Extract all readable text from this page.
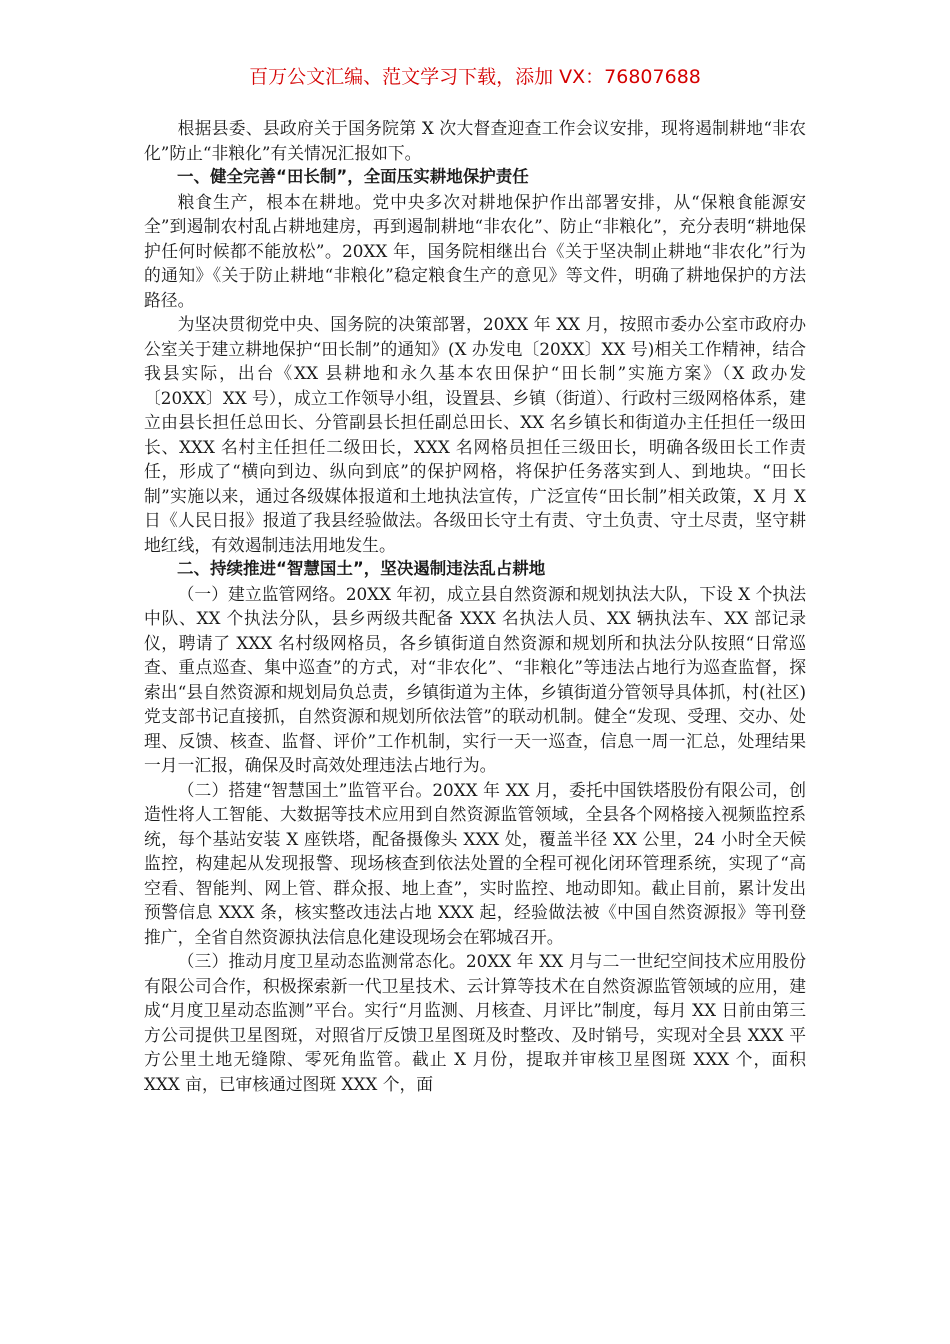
百万公文汇编、范文学习下载，添加 VX：76807688

根据县委、县政府关于国务院第 X 次大督查迎查工作会议安排，现将遏制耕地“非农化”防止“非粮化”有关情况汇报如下。

一、健全完善“田长制”，全面压实耕地保护责任

粮食生产，根本在耕地。党中央多次对耕地保护作出部署安排，从“保粮食能源安全”到遏制农村乱占耕地建房，再到遏制耕地“非农化”、防止“非粮化”，充分表明“耕地保护任何时候都不能放松”。20XX 年，国务院相继出台《关于坚决制止耕地“非农化”行为的通知》《关于防止耕地“非粮化”稳定粮食生产的意见》等文件，明确了耕地保护的方法路径。

为坚决贯彻党中央、国务院的决策部署，20XX 年 XX 月，按照市委办公室市政府办公室关于建立耕地保护“田长制”的通知》(X 办发电〔20XX〕XX 号)相关工作精神，结合我县实际，出台《XX 县耕地和永久基本农田保护“田长制”实施方案》（X 政办发〔20XX〕XX 号），成立工作领导小组，设置县、乡镇（街道）、行政村三级网格体系，建立由县长担任总田长、分管副县长担任副总田长、XX 名乡镇长和街道办主任担任一级田长、XXX 名村主任担任二级田长，XXX 名网格员担任三级田长，明确各级田长工作责任，形成了“横向到边、纵向到底”的保护网格，将保护任务落实到人、到地块。“田长制”实施以来，通过各级媒体报道和土地执法宣传，广泛宣传“田长制”相关政策，X 月 X 日《人民日报》报道了我县经验做法。各级田长守土有责、守土负责、守土尽责，坚守耕地红线，有效遏制违法用地发生。

二、持续推进“智慧国土”，坚决遏制违法乱占耕地

（一）建立监管网络。20XX 年初，成立县自然资源和规划执法大队，下设 X 个执法中队、XX 个执法分队，县乡两级共配备 XXX 名执法人员、XX 辆执法车、XX 部记录仪，聘请了 XXX 名村级网格员，各乡镇街道自然资源和规划所和执法分队按照“日常巡查、重点巡查、集中巡查”的方式，对“非农化”、“非粮化”等违法占地行为巡查监督，探索出“县自然资源和规划局负总责，乡镇街道为主体，乡镇街道分管领导具体抓，村(社区)党支部书记直接抓，自然资源和规划所依法管”的联动机制。健全“发现、受理、交办、处理、反馈、核查、监督、评价”工作机制，实行一天一巡查，信息一周一汇总，处理结果一月一汇报，确保及时高效处理违法占地行为。

（二）搭建“智慧国土”监管平台。20XX 年 XX 月，委托中国铁塔股份有限公司，创造性将人工智能、大数据等技术应用到自然资源监管领域，全县各个网格接入视频监控系统，每个基站安装 X 座铁塔，配备摄像头 XXX 处，覆盖半径 XX 公里，24 小时全天候监控，构建起从发现报警、现场核查到依法处置的全程可视化闭环管理系统，实现了“高空看、智能判、网上管、群众报、地上查”，实时监控、地动即知。截止目前，累计发出预警信息 XXX 条，核实整改违法占地 XXX 起，经验做法被《中国自然资源报》等刊登推广，全省自然资源执法信息化建设现场会在郓城召开。

（三）推动月度卫星动态监测常态化。20XX 年 XX 月与二一世纪空间技术应用股份有限公司合作，积极探索新一代卫星技术、云计算等技术在自然资源监管领域的应用，建成“月度卫星动态监测”平台。实行“月监测、月核查、月评比”制度，每月 XX 日前由第三方公司提供卫星图斑，对照省厅反馈卫星图斑及时整改、及时销号，实现对全县 XXX 平方公里土地无缝隙、零死角监管。截止 X 月份，提取并审核卫星图斑 XXX 个，面积 XXX 亩，已审核通过图斑 XXX 个，面
